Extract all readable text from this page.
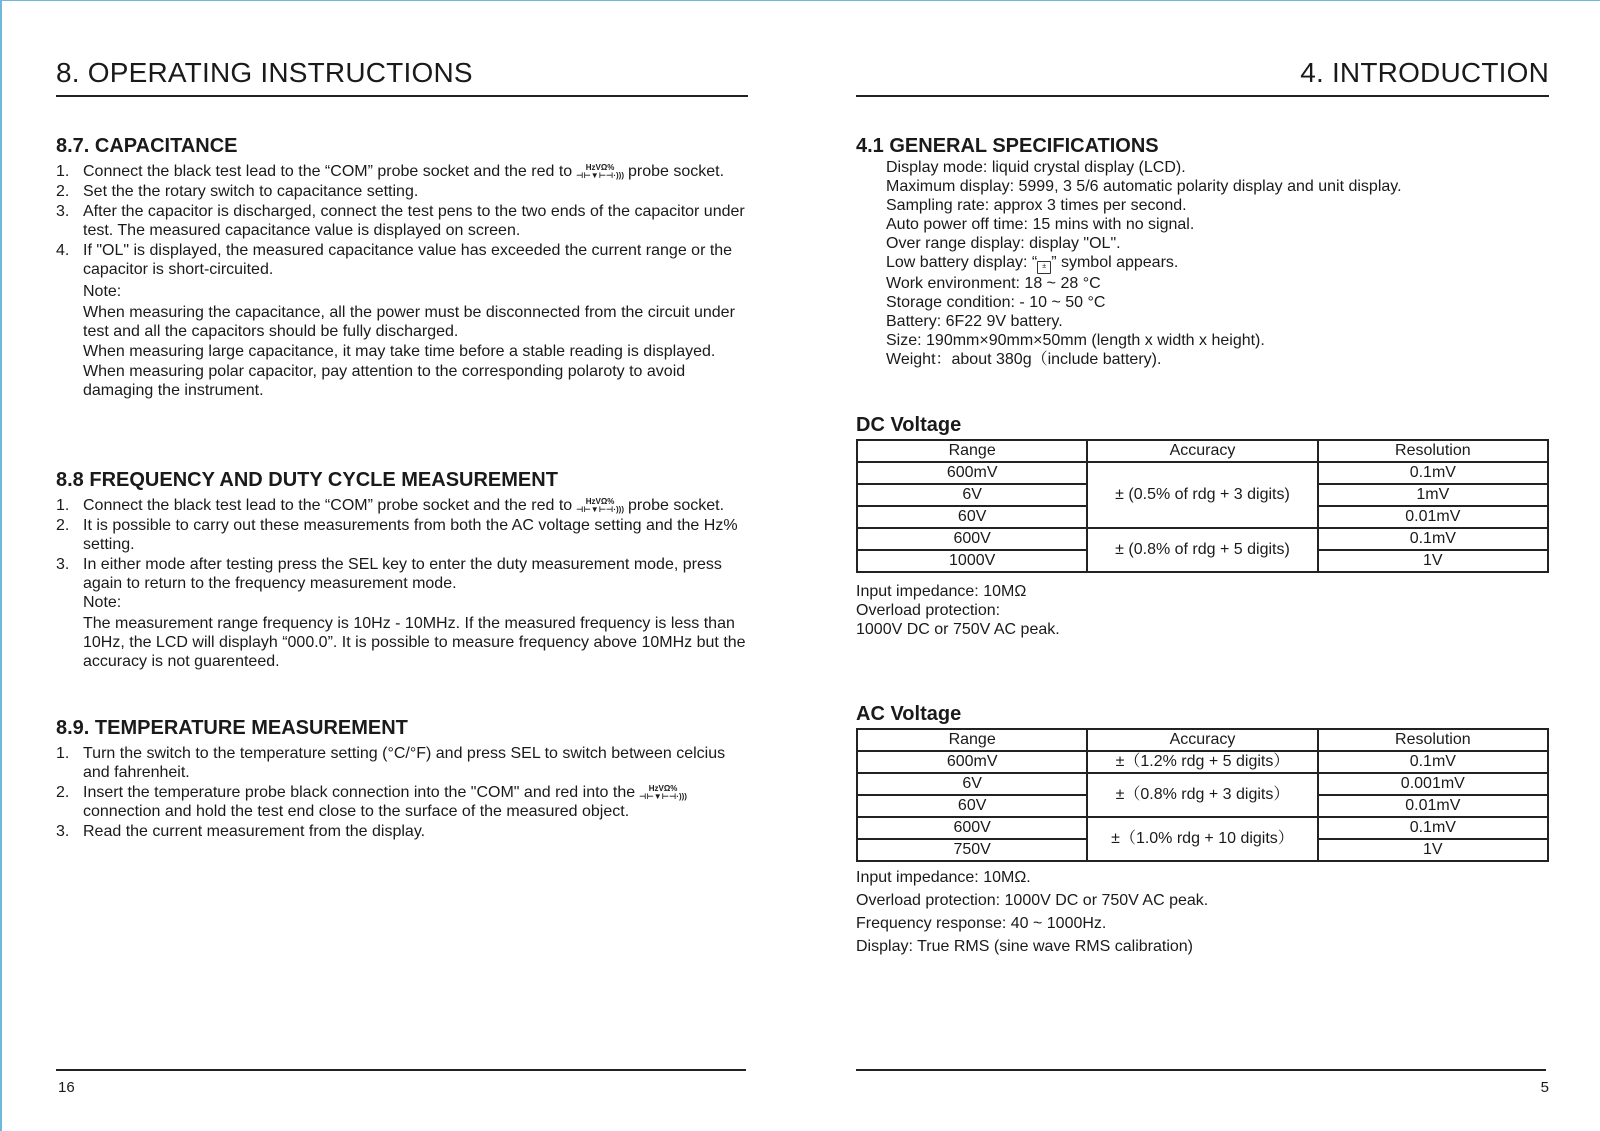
8. OPERATING INSTRUCTIONS
8.7. CAPACITANCE
1. Connect the black test lead to the “COM” probe socket and the red to HzVΩ%
⊣⊢▼⊢⊣·))) probe socket.
2. Set the the rotary switch to capacitance setting.
3. After the capacitor is discharged, connect the test pens to the two ends of the capacitor under test. The measured capacitance value is displayed on screen.
4. If "OL" is displayed, the measured capacitance value has exceeded the current range or the capacitor is short-circuited.
Note:
When measuring the capacitance, all the power must be disconnected from the circuit under test and all the capacitors should be fully discharged.
When measuring large capacitance, it may take time before a stable reading is displayed.
When measuring polar capacitor, pay attention to the corresponding polaroty to avoid damaging the instrument.
8.8 FREQUENCY AND DUTY CYCLE MEASUREMENT
1. Connect the black test lead to the “COM” probe socket and the red to HzVΩ%
⊣⊢▼⊢⊣·))) probe socket.
2. It is possible to carry out these measurements from both the AC voltage setting and the Hz% setting.
3. In either mode after testing press the SEL key to enter the duty measurement mode, press again to return to the frequency measurement mode.
Note:
The measurement range frequency is 10Hz - 10MHz. If the measured frequency is less than 10Hz, the LCD will displayh “000.0”. It is possible to measure frequency above 10MHz but the accuracy is not guarenteed.
8.9. TEMPERATURE MEASUREMENT
1. Turn the switch to the temperature setting (°C/°F) and press SEL to switch between celcius and fahrenheit.
2. Insert the temperature probe black connection into the "COM" and red into the HzVΩ%
⊣⊢▼⊢⊣·)))connection and hold the test end close to the surface of the measured object.
3. Read the current measurement from the display.
16
4. INTRODUCTION
4.1 GENERAL SPECIFICATIONS
Display mode: liquid crystal display (LCD).
Maximum display: 5999, 3 5/6 automatic polarity display and unit display.
Sampling rate: approx 3 times per second.
Auto power off time: 15 mins with no signal.
Over range display: display "OL".
Low battery display: “ ± ” symbol appears.
Work environment: 18 ~ 28 °C
Storage condition: - 10 ~ 50 °C
Battery: 6F22 9V battery.
Size: 190mm×90mm×50mm (length x width x height).
Weight：about 380g（include battery).
DC Voltage
Range	Accuracy	Resolution
600mV	± (0.5% of rdg + 3 digits)	0.1mV
6V		1mV
60V		0.01mV
600V	± (0.8% of rdg + 5 digits)	0.1mV
1000V		1V
Input impedance: 10MΩ
Overload protection:
1000V DC or 750V AC peak.
AC Voltage
Range	Accuracy	Resolution
600mV	±（1.2% rdg + 5 digits）	0.1mV
6V	±（0.8% rdg + 3 digits）	0.001mV
60V		0.01mV
600V	±（1.0% rdg + 10 digits）	0.1mV
750V		1V
Input impedance: 10MΩ.
Overload protection: 1000V DC or 750V AC peak.
Frequency response: 40 ~ 1000Hz.
Display: True RMS (sine wave RMS calibration)
5
